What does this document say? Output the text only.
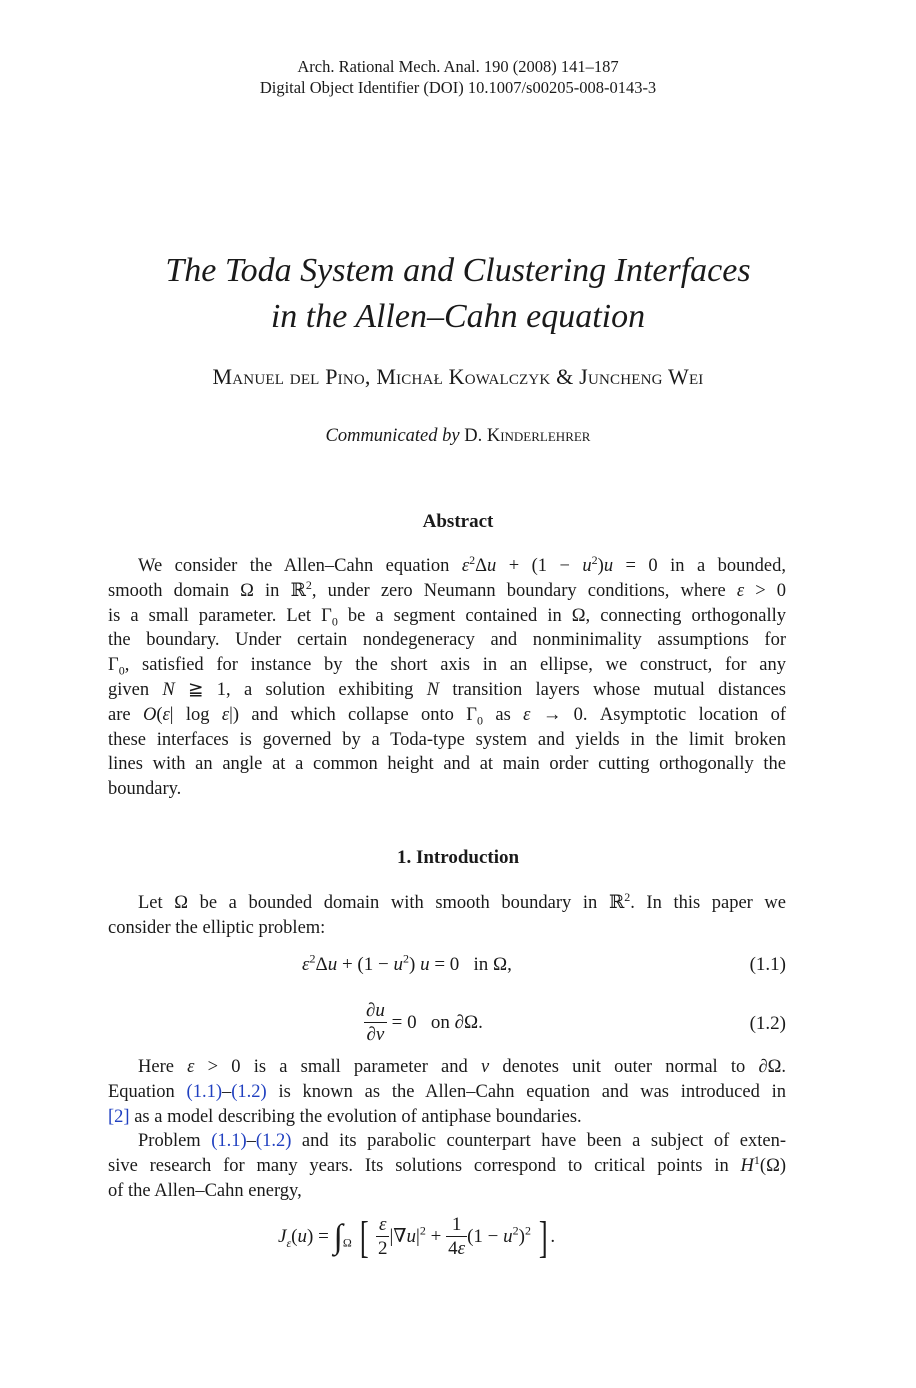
Arch. Rational Mech. Anal. 190 (2008) 141–187
Digital Object Identifier (DOI) 10.1007/s00205-008-0143-3
The Toda System and Clustering Interfaces
in the Allen–Cahn equation
Manuel del Pino, Michał Kowalczyk & Juncheng Wei
Communicated by D. Kinderlehrer
Abstract
We consider the Allen–Cahn equation $\varepsilon^2\Delta u + (1 - u^2)u = 0$ in a bounded,
smooth domain Ω in ℝ$^2$, under zero Neumann boundary conditions, where ε > 0
is a small parameter. Let $\Gamma_0$ be a segment contained in Ω, connecting orthogonally
the boundary. Under certain nondegeneracy and nonminimality assumptions for
$\Gamma_0$, satisfied for instance by the short axis in an ellipse, we construct, for any
given N ≧ 1, a solution exhibiting N transition layers whose mutual distances
are O(ε| log ε|) and which collapse onto $\Gamma_0$ as ε → 0. Asymptotic location of
these interfaces is governed by a Toda-type system and yields in the limit broken
lines with an angle at a common height and at main order cutting orthogonally the
boundary.
1. Introduction
Let Ω be a bounded domain with smooth boundary in ℝ$^2$. In this paper we
consider the elliptic problem:
$\varepsilon^2\Delta u + (1 - u^2) u = 0$   in Ω,	(1.1)
$\frac{\partial u}{\partial\nu} = 0$   on ∂Ω.	(1.2)
Here ε > 0 is a small parameter and ν denotes unit outer normal to ∂Ω.
Equation (1.1)–(1.2) is known as the Allen–Cahn equation and was introduced in
[2] as a model describing the evolution of antiphase boundaries.
Problem (1.1)–(1.2) and its parabolic counterpart have been a subject of exten-
sive research for many years. Its solutions correspond to critical points in $H^1(\Omega)$
of the Allen–Cahn energy,
$J_\varepsilon(u) = \int_\Omega$ [ $\frac{\varepsilon}{2} |\nabla u|^2 + \frac{1}{4\varepsilon} (1 - u^2)^2$ ] .
